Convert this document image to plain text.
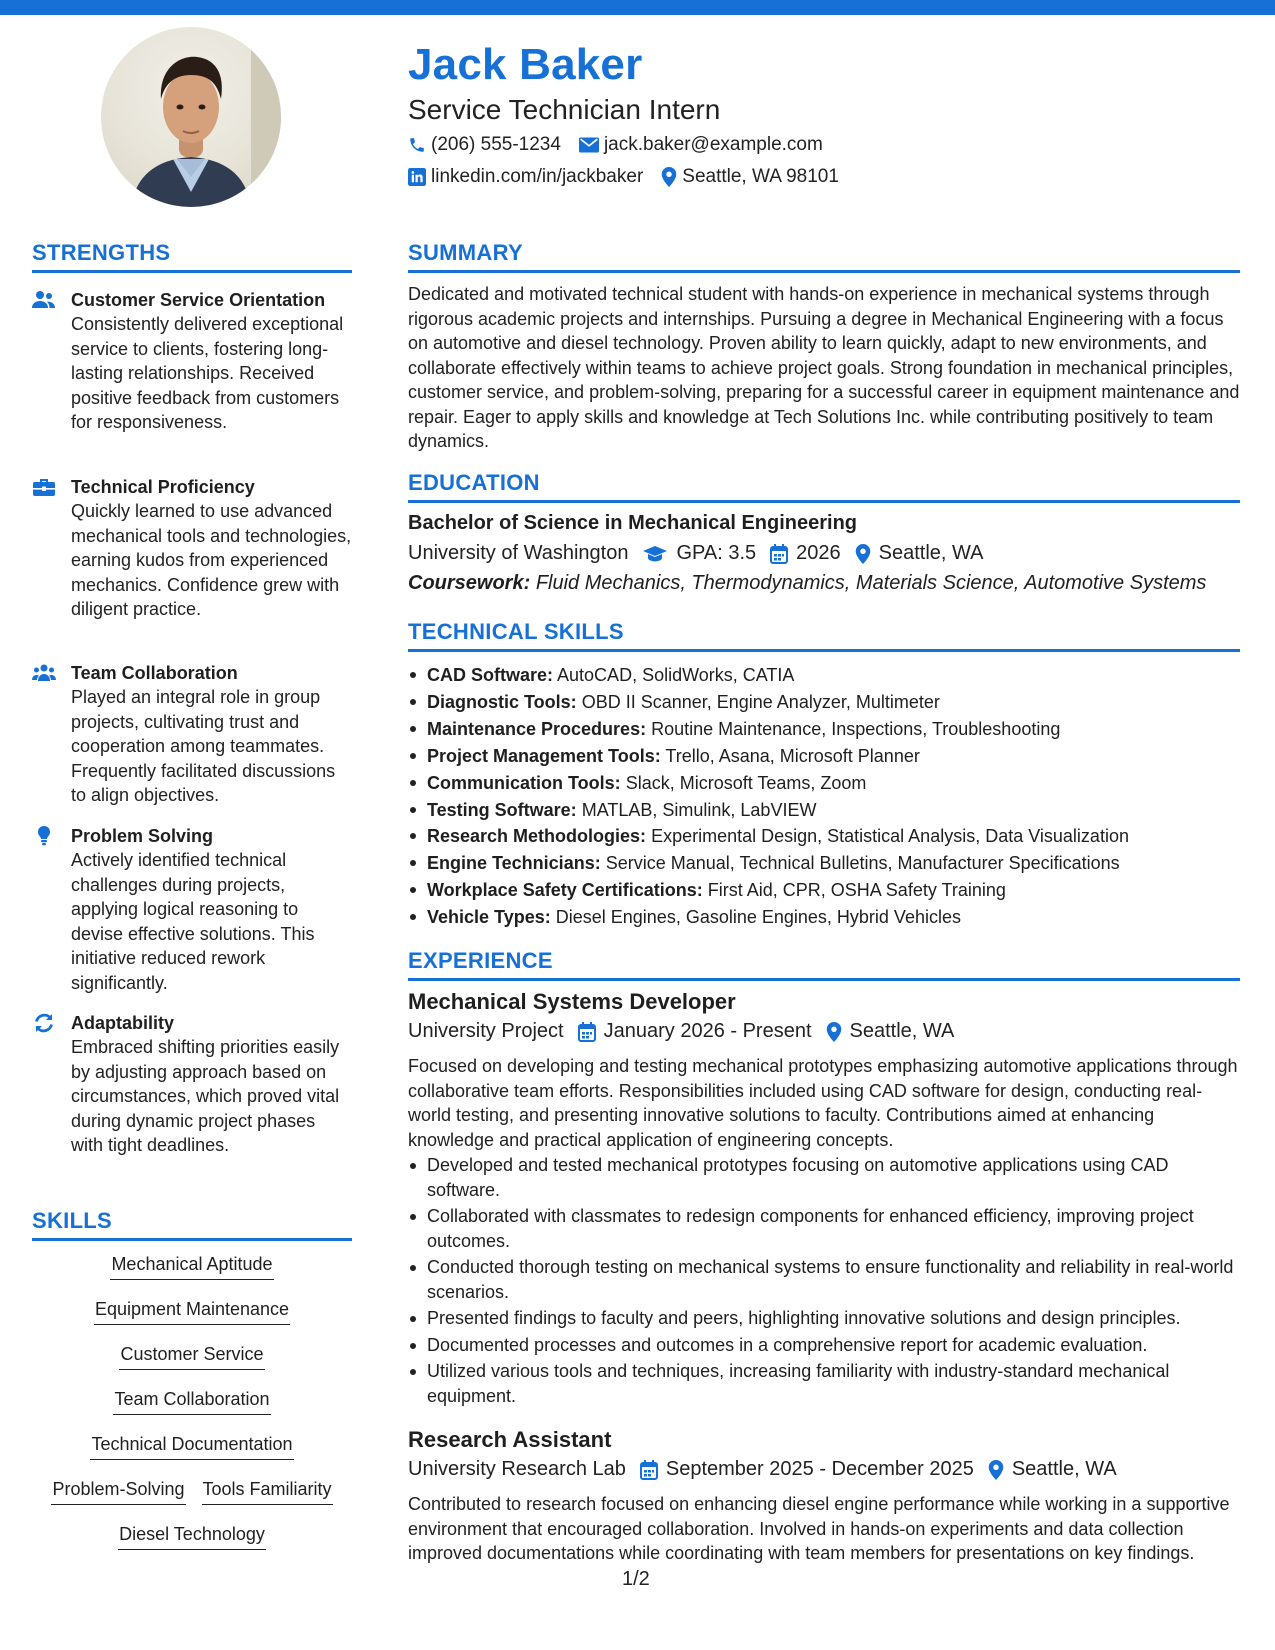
Jack Baker
Service Technician Intern
(206) 555-1234 jack.baker@example.com
linkedin.com/in/jackbaker Seattle, WA 98101
STRENGTHS
Customer Service Orientation
Consistently delivered exceptional service to clients, fostering long-lasting relationships. Received positive feedback from customers for responsiveness.
Technical Proficiency
Quickly learned to use advanced mechanical tools and technologies, earning kudos from experienced mechanics. Confidence grew with diligent practice.
Team Collaboration
Played an integral role in group projects, cultivating trust and cooperation among teammates. Frequently facilitated discussions to align objectives.
Problem Solving
Actively identified technical challenges during projects, applying logical reasoning to devise effective solutions. This initiative reduced rework significantly.
Adaptability
Embraced shifting priorities easily by adjusting approach based on circumstances, which proved vital during dynamic project phases with tight deadlines.
SKILLS
Mechanical Aptitude
Equipment Maintenance
Customer Service
Team Collaboration
Technical Documentation
Problem-Solving Tools Familiarity
Diesel Technology
SUMMARY
Dedicated and motivated technical student with hands-on experience in mechanical systems through rigorous academic projects and internships. Pursuing a degree in Mechanical Engineering with a focus on automotive and diesel technology. Proven ability to learn quickly, adapt to new environments, and collaborate effectively within teams to achieve project goals. Strong foundation in mechanical principles, customer service, and problem-solving, preparing for a successful career in equipment maintenance and repair. Eager to apply skills and knowledge at Tech Solutions Inc. while contributing positively to team dynamics.
EDUCATION
Bachelor of Science in Mechanical Engineering
University of Washington GPA: 3.5 2026 Seattle, WA
Coursework: Fluid Mechanics, Thermodynamics, Materials Science, Automotive Systems
TECHNICAL SKILLS
CAD Software: AutoCAD, SolidWorks, CATIA
Diagnostic Tools: OBD II Scanner, Engine Analyzer, Multimeter
Maintenance Procedures: Routine Maintenance, Inspections, Troubleshooting
Project Management Tools: Trello, Asana, Microsoft Planner
Communication Tools: Slack, Microsoft Teams, Zoom
Testing Software: MATLAB, Simulink, LabVIEW
Research Methodologies: Experimental Design, Statistical Analysis, Data Visualization
Engine Technicians: Service Manual, Technical Bulletins, Manufacturer Specifications
Workplace Safety Certifications: First Aid, CPR, OSHA Safety Training
Vehicle Types: Diesel Engines, Gasoline Engines, Hybrid Vehicles
EXPERIENCE
Mechanical Systems Developer
University Project January 2026 - Present Seattle, WA
Focused on developing and testing mechanical prototypes emphasizing automotive applications through collaborative team efforts. Responsibilities included using CAD software for design, conducting real-world testing, and presenting innovative solutions to faculty. Contributions aimed at enhancing knowledge and practical application of engineering concepts.
Developed and tested mechanical prototypes focusing on automotive applications using CAD software.
Collaborated with classmates to redesign components for enhanced efficiency, improving project outcomes.
Conducted thorough testing on mechanical systems to ensure functionality and reliability in real-world scenarios.
Presented findings to faculty and peers, highlighting innovative solutions and design principles.
Documented processes and outcomes in a comprehensive report for academic evaluation.
Utilized various tools and techniques, increasing familiarity with industry-standard mechanical equipment.
Research Assistant
University Research Lab September 2025 - December 2025 Seattle, WA
Contributed to research focused on enhancing diesel engine performance while working in a supportive environment that encouraged collaboration. Involved in hands-on experiments and data collection improved documentations while coordinating with team members for presentations on key findings.
1/2
